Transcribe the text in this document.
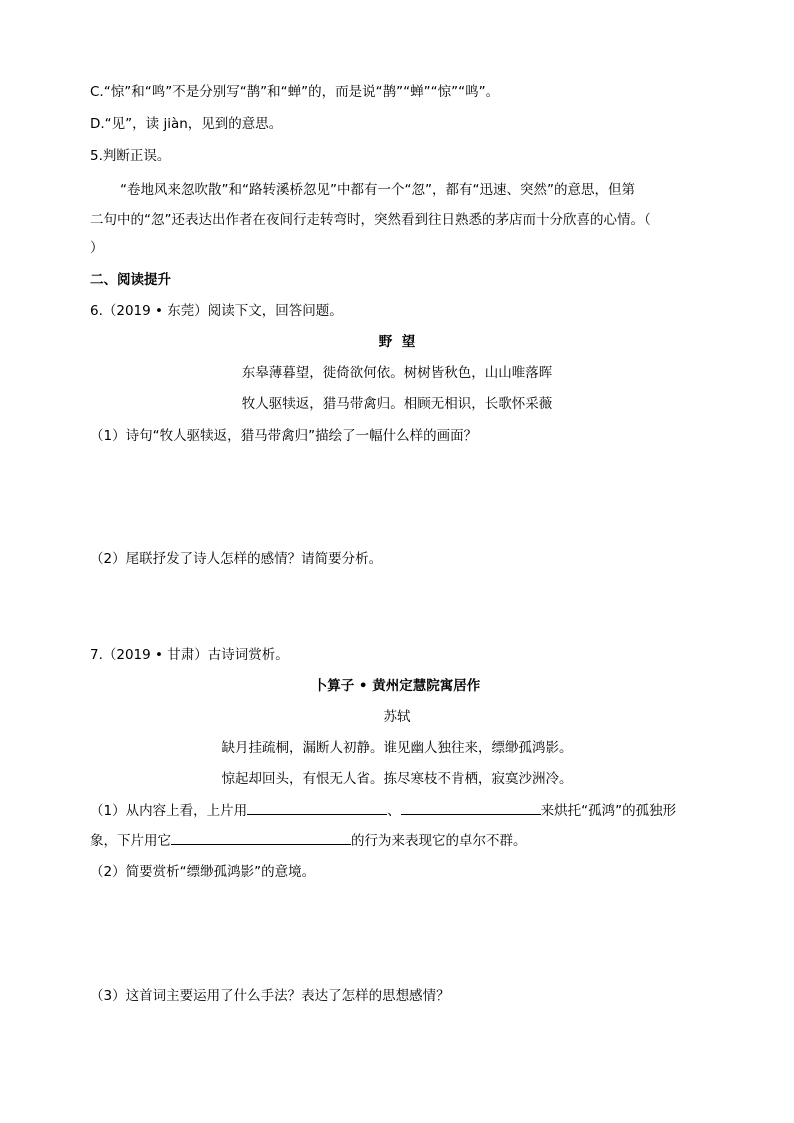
C.“惊”和“鸣”不是分别写“鹊”和“蝉”的，而是说“鹊”“蝉”“惊”“鸣”。
D.“见”，读 jiàn，见到的意思。
5.判断正误。
“卷地风来忽吹散”和“路转溪桥忽见”中都有一个“忽”，都有“迅速、突然”的意思，但第
二句中的“忽”还表达出作者在夜间行走转弯时，突然看到往日熟悉的茅店而十分欣喜的心情。（
）
二、阅读提升
6.（2019 • 东莞）阅读下文，回答问题。
野  望
东皋薄暮望，徙倚欲何依。树树皆秋色，山山唯落晖
牧人驱犊返，猎马带禽归。相顾无相识，长歌怀采薇
（1）诗句“牧人驱犊返，猎马带禽归”描绘了一幅什么样的画面？
（2）尾联抒发了诗人怎样的感情？请简要分析。
7.（2019 • 甘肃）古诗词赏析。
卜算子 • 黄州定慧院寓居作
苏轼
缺月挂疏桐，漏断人初静。谁见幽人独往来，缥缈孤鸿影。
惊起却回头，有恨无人省。拣尽寒枝不肯栖，寂寞沙洲冷。
（1）从内容上看，上片用	、	来烘托“孤鸿”的孤独形
象，下片用它	的行为来表现它的卓尔不群。
（2）简要赏析“缥缈孤鸿影”的意境。
（3）这首词主要运用了什么手法？表达了怎样的思想感情？
